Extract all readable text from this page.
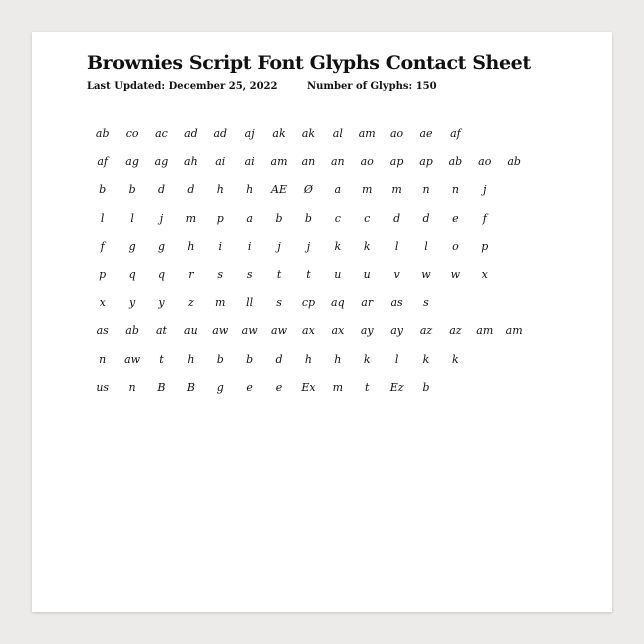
Brownies Script Font Glyphs Contact Sheet
Last Updated: December 25, 2022	Number of Glyphs: 150
ab	co	ac	ad	ad	aj	ak	ak	al	am	ao	ae	af
af	ag	ag	ah	ai	ai	am	an	an	ao	ap	ap	ab	ao	ab
b	b	d	d	h	h	AE	Ø	a	m	m	n	n	j
l	l	j	m	p	a	b	b	c	c	d	d	e	f
f	g	g	h	i	i	j	j	k	k	l	l	o	p
p	q	q	r	s	s	t	t	u	u	v	w	w	x
x	y	y	z	m	ll	s	cp	aq	ar	as	s
as	ab	at	au	aw	aw	aw	ax	ax	ay	ay	az	az	am	am
n	aw	t	h	b	b	d	h	h	k	l	k	k
us	n	B	B	g	e	e	Ex	m	t	Ez	b
